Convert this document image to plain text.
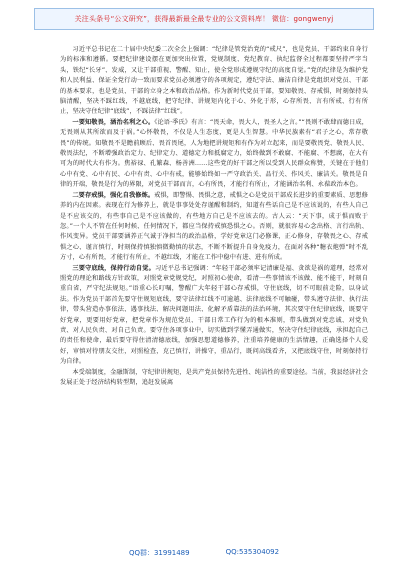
关注头条号“公文研究”，获得最新最全最专业的公文资料库！ 微信：gongwenyj

习近平总书记在二十届中央纪委二次全会上强调：“纪律是管党治党的“戒尺”，也是党员、干部约束自身行为的标准和遵循。要把纪律建设摆在更加突出位置，党规制度、党纪教育、执纪监督全过程都要坚持严字当头，铁纪“长牙”、发威，又让干部重视、警醒、知止，使全党形成遵规守纪的高度自觉。”党的纪律是为维护党和人民利益、保证全党行动一致而要求党员必须遵守的各项规定，遵纪守法、廉洁自律是党组织对党员、干部的基本要求，也是党员、干部的立身之本和政治品格。作为新时代党员干部，要知敬畏、存戒惧，时刻保持头脑清醒，坚决不踩红线，不越底线，把守纪律、讲规矩内化于心、外化于形，心存所畏、言有所戒、行有所止，坚决守住纪律“底线”，不踩法律“红线”。

一要知敬畏，涵治名利之心。《论语·季氏》有言：“畏天命，畏大人，畏圣人之言。”“畏则不敢肆而德日成，无畏则从其所欲而及于祸。”心怀敬畏，不仅是人生态度，更是人生智慧。中华民族素有“君子之心，常存敬畏”的传统。知敬畏不是瞻前顾后、畏首畏尾，人为地把讲规矩和有作为对立起来，而是要敬畏党、敬畏人民、敬畏法纪，不断增强政治定力、纪律定力、道德定力和抵腐定力，始终做到不敢腐、不能腐、不想腐，在大有可为的时代大有作为。焦裕禄、孔繁森、杨善洲……这些党的好干部之所以受到人民群众称赞，关键在于他们心中有党、心中有民、心中有责、心中有戒，能够始终如一严守政治关、品行关、作风关、廉洁关。敬畏是自律的开端，敬畏是行为的界限，对党员干部而言，心有所畏，才能行有所止，才能涵治名利、永葆政治本色。

二要存戒惧，强化自我修炼。戒惧，即警惕、畏惧之意，戒惧之心是党员干部成长进步的重要素质、思想修养的内在因素。表现在行为修养上，就是事事处处存谨醒和制约，知道有些话自己是不应该说的，有些人自己是不应该交的，有些事自己是不应该做的，有些地方自己是不应该去的。古人云：“天下事，成于惧而败于忽。”一个人不管在任何时候、任何情况下，都应当保持戒慎恐惧之心。否则，就很容易心念出格、言行出轨、作风变异。党员干部要涵养正气诚于净担当的政治品格，学好党章这门必修课，正心修身，存敬畏之心、存戒惧之心、谨言慎行，时刻保持慎独慎微勤慎的状态，不断不断提升自身免疫力，在面对各种“糖衣炮弹”时不乱方寸，心有所畏，才能行有所止，不越红线，才能在工作中稳中有进、进有所成。

三要守底线，保持行动自觉。习近平总书记强调：“年轻干部必须牢记清廉是福、贪欲是祸的道理，经常对照党的理论和路线方针政策，对照党章党规党纪，对照初心使命，看清一些事情该不该做、能不能干，时刻自重自省，严守纪法规矩。”语重心长叮嘱，警醒广大年轻干部心存戒惧，守住底线，切不可眼前走险，以身试法。作为党员干部首先要守住规矩底线，要守法律红线不可逾越、法律底线不可触碰，带头遵守法律、执行法律，带头营造办事依法、遇事找法、解决问题用法、化解矛盾靠法的法治环境，其次要守住纪律底线，既要守好党章，更要用好党章，把党章作为规范党员、干部日常工作行为的根本准则，带头做到对党忠诚、对党负责、对人民负责、对自己负责。要守住各项事业中，切实做到学懂弄通做实，坚决守住纪律底线，承担起自己的责任和使命，最后要守得住清清德底线，加强思想道德修养，注重培养健康的生活情趣，正确选择个人爱好，审慎对待朋友交往，对照检查，克己慎行，讲操守，重品行，既问高线看齐，又把底线守住，时刻保持行为自律。

本受端制度，金融斯制，守纪律讲规矩，是共产党员保持先进性、纯洁性的重要途径。当前，我县经济社会发展正处于经济结构转型期，追赶发展离

QQ群：31991489	QQ:535304092
